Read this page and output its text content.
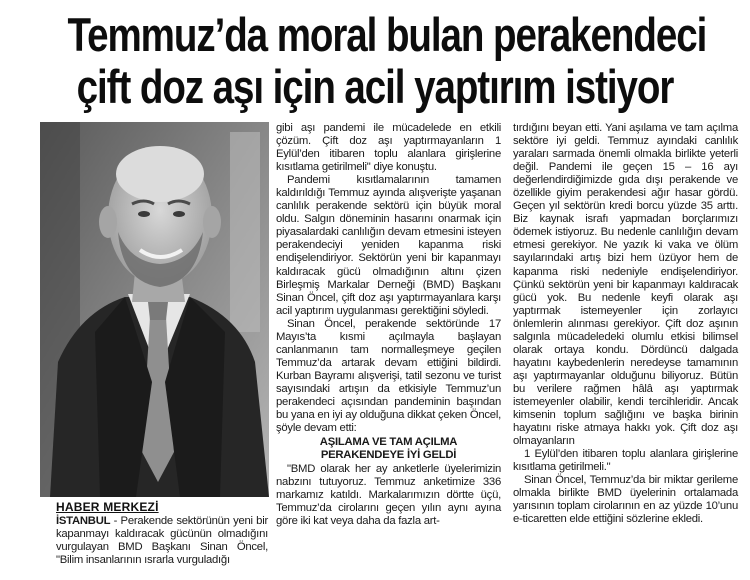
Temmuz’da moral bulan perakendeci
çift doz aşı için acil yaptırım istiyor
HABER MERKEZİ

İSTANBUL - Perakende sektörünün yeni bir kapanmayı kaldıracak gücünün olmadığını vurgulayan BMD Başkanı Sinan Öncel, "Bilim insanlarının ısrarla vurguladığı

gibi aşı pandemi ile mücadelede en etkili çözüm. Çift doz aşı yaptırmayanların 1 Eylül’den itibaren toplu alanlara girişlerine kısıtlama getirilmeli" diye konuştu.

Pandemi kısıtlamalarının tamamen kaldırıldığı Temmuz ayında alışverişte yaşanan canlılık perakende sektörü için büyük moral oldu. Salgın döneminin hasarını onarmak için piyasalardaki canlılığın devam etmesini isteyen perakendeciyi yeniden kapanma riski endişelendiriyor. Sektörün yeni bir kapanmayı kaldıracak gücü olmadığının altını çizen Birleşmiş Markalar Derneği (BMD) Başkanı Sinan Öncel, çift doz aşı yaptırmayanlara karşı acil yaptırım uygulanması gerektiğini söyledi.

Sinan Öncel, perakende sektöründe 17 Mayıs’ta kısmi açılmayla başlayan canlanmanın tam normalleşmeye geçilen Temmuz’da artarak devam ettiğini bildirdi. Kurban Bayramı alışverişi, tatil sezonu ve turist sayısındaki artışın da etkisiyle Temmuz’un perakendeci açısından pandeminin başından bu yana en iyi ay olduğuna dikkat çeken Öncel, şöyle devam etti:

AŞILAMA VE TAM AÇILMA
PERAKENDEYE İYİ GELDİ

"BMD olarak her ay anketlerle üyelerimizin nabzını tutuyoruz. Temmuz anketimize 336 markamız katıldı. Markalarımızın dörtte üçü, Temmuz’da cirolarını geçen yılın aynı ayına göre iki kat veya daha da fazla art-

tırdığını beyan etti. Yani aşılama ve tam açılma sektöre iyi geldi. Temmuz ayındaki canlılık yaraları sarmada önemli olmakla birlikte yeterli değil. Pandemi ile geçen 15 – 16 ayı değerlendirdiğimizde gıda dışı perakende ve özellikle giyim perakendesi ağır hasar gördü. Geçen yıl sektörün kredi borcu yüzde 35 arttı. Biz kaynak israfı yapmadan borçlarımızı ödemek istiyoruz. Bu nedenle canlılığın devam etmesi gerekiyor. Ne yazık ki vaka ve ölüm sayılarındaki artış bizi hem üzüyor hem de kapanma riski nedeniyle endişelendiriyor. Çünkü sektörün yeni bir kapanmayı kaldıracak gücü yok. Bu nedenle keyfi olarak aşı yaptırmak istemeyenler için zorlayıcı önlemlerin alınması gerekiyor. Çift doz aşının salgınla mücadeledeki olumlu etkisi bilimsel olarak ortaya kondu. Dördüncü dalgada hayatını kaybedenlerin neredeyse tamamının aşı yaptırmayanlar olduğunu biliyoruz. Bütün bu verilere rağmen hâlâ aşı yaptırmak istemeyenler olabilir, kendi tercihleridir. Ancak kimsenin toplum sağlığını ve başka birinin hayatını riske atmaya hakkı yok. Çift doz aşı olmayanların

1 Eylül’den itibaren toplu alanlara girişlerine kısıtlama getirilmeli."

Sinan Öncel, Temmuz’da bir miktar gerileme olmakla birlikte BMD üyelerinin ortalamada yarısının toplam cirolarının en az yüzde 10’unu e-ticaretten elde ettiğini sözlerine ekledi.
